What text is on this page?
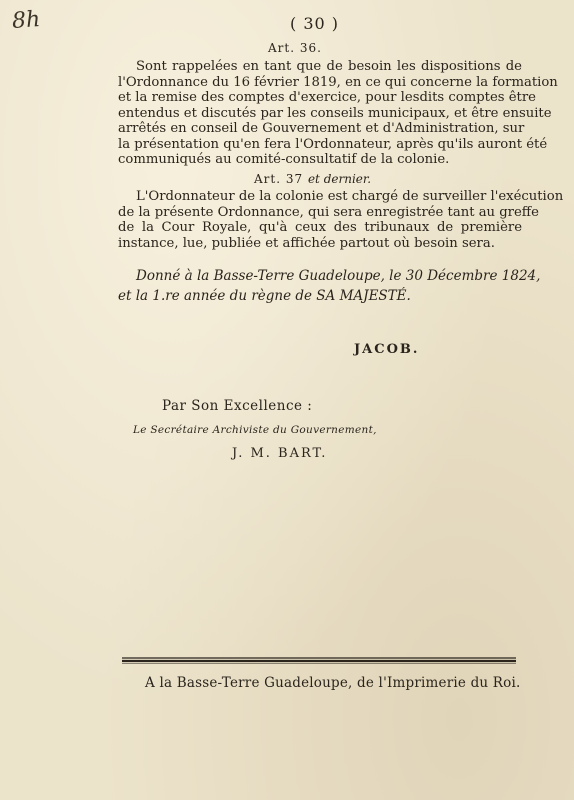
8h	( 30 )
Art. 36.
Sont rappelées en tant que de besoin les dispositions de
l'Ordonnance du 16 février 1819, en ce qui concerne la formation
et la remise des comptes d'exercice, pour lesdits comptes être
entendus et discutés par les conseils municipaux, et être ensuite
arrêtés en conseil de Gouvernement et d'Administration, sur
la présentation qu'en fera l'Ordonnateur, après qu'ils auront été
communiqués au comité-consultatif de la colonie.
Art. 37 et dernier.
L'Ordonnateur de la colonie est chargé de surveiller l'exécution
de la présente Ordonnance, qui sera enregistrée tant au greffe
de la Cour Royale, qu'à ceux des tribunaux de première
instance, lue, publiée et affichée partout où besoin sera.
Donné à la Basse-Terre Guadeloupe, le 30 Décembre 1824,
et la 1.re année du règne de SA MAJESTÉ.
JACOB.
Par Son Excellence :
Le Secrétaire Archiviste du Gouvernement,
J. M. BART.
A la Basse-Terre Guadeloupe, de l'Imprimerie du Roi.
